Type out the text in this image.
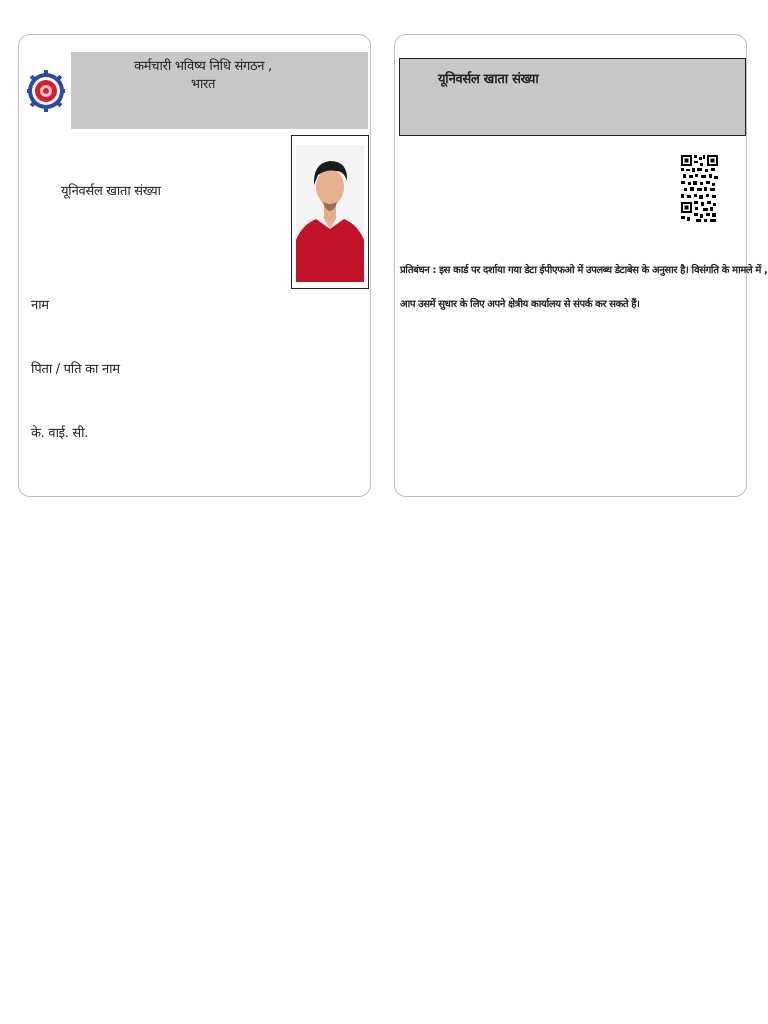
कर्मचारी भविष्य निधि संगठन , भारत
यूनिवर्सल खाता संख्या
नाम
पिता / पति का नाम
के. वाई. सी.
यूनिवर्सल खाता संख्या
प्रतिबंधन : इस कार्ड पर दर्शाया गया डेटा ईपीएफओ में उपलब्ध डेटाबेस के अनुसार है। विसंगति के मामले में ,
आप उसमें सुधार के लिए अपने क्षेत्रीय कार्यालय से संपर्क कर सकते हैं।
